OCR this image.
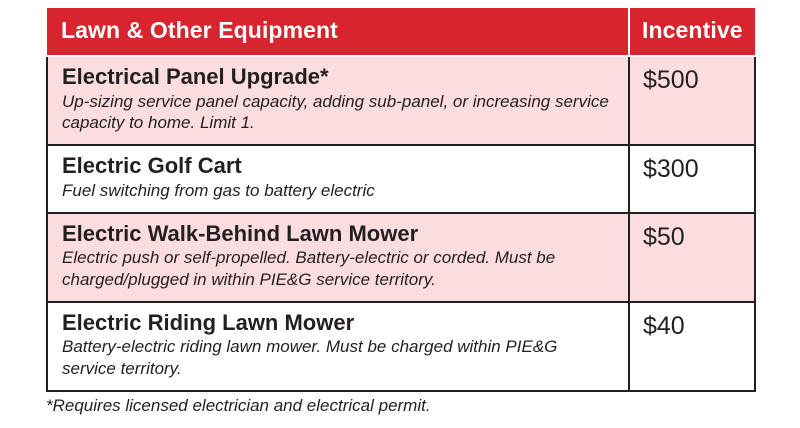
Lawn & Other Equipment	Incentive

Electrical Panel Upgrade*
Up-sizing service panel capacity, adding sub-panel, or increasing service capacity to home. Limit 1.	$500

Electric Golf Cart
Fuel switching from gas to battery electric	$300

Electric Walk-Behind Lawn Mower
Electric push or self-propelled. Battery-electric or corded. Must be charged/plugged in within PIE&G service territory.	$50

Electric Riding Lawn Mower
Battery-electric riding lawn mower. Must be charged within PIE&G service territory.	$40
*Requires licensed electrician and electrical permit.
